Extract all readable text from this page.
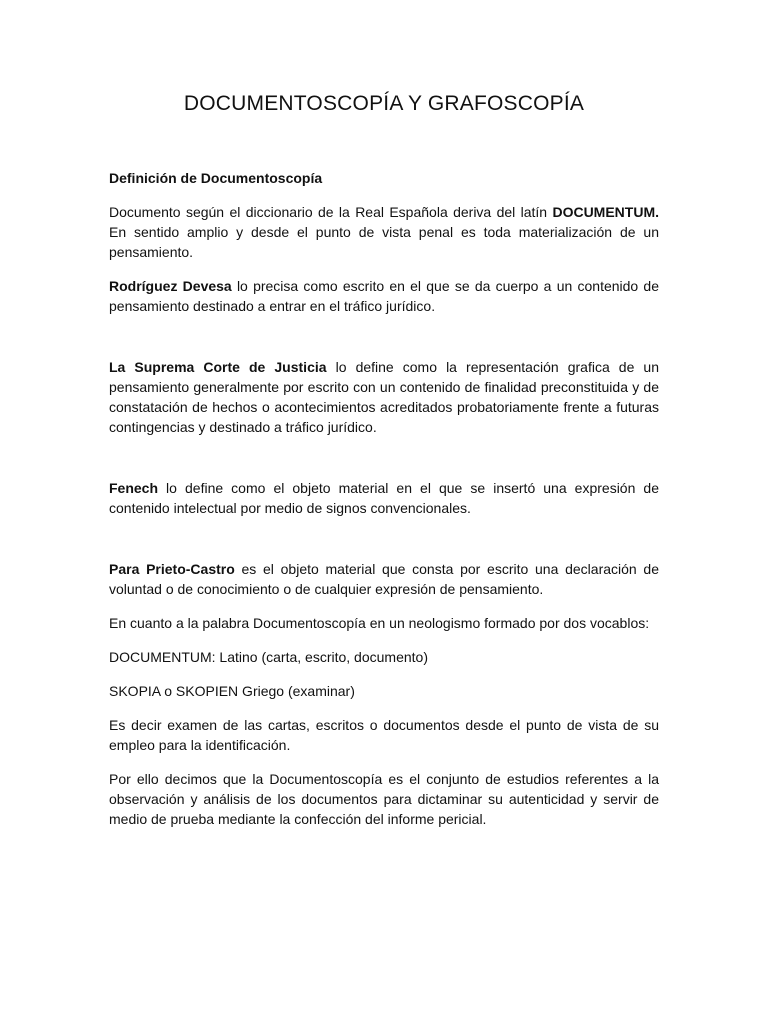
DOCUMENTOSCOPÍA Y GRAFOSCOPÍA

Definición de Documentoscopía

Documento según el diccionario de la Real Española deriva del latín DOCUMENTUM. En sentido amplio y desde el punto de vista penal es toda materialización de un pensamiento.

Rodríguez Devesa lo precisa como escrito en el que se da cuerpo a un contenido de pensamiento destinado a entrar en el tráfico jurídico.

La Suprema Corte de Justicia lo define como la representación grafica de un pensamiento generalmente por escrito con un contenido de finalidad preconstituida y de constatación de hechos o acontecimientos acreditados probatoriamente frente a futuras contingencias y destinado a tráfico jurídico.

Fenech lo define como el objeto material en el que se insertó una expresión de contenido intelectual por medio de signos convencionales.

Para Prieto-Castro es el objeto material que consta por escrito una declaración de voluntad o de conocimiento o de cualquier expresión de pensamiento.

En cuanto a la palabra Documentoscopía en un neologismo formado por dos vocablos:

DOCUMENTUM: Latino (carta, escrito, documento)

SKOPIA o SKOPIEN Griego (examinar)

Es decir examen de las cartas, escritos o documentos desde el punto de vista de su empleo para la identificación.

Por ello decimos que la Documentoscopía es el conjunto de estudios referentes a la observación y análisis de los documentos para dictaminar su autenticidad y servir de medio de prueba mediante la confección del informe pericial.
